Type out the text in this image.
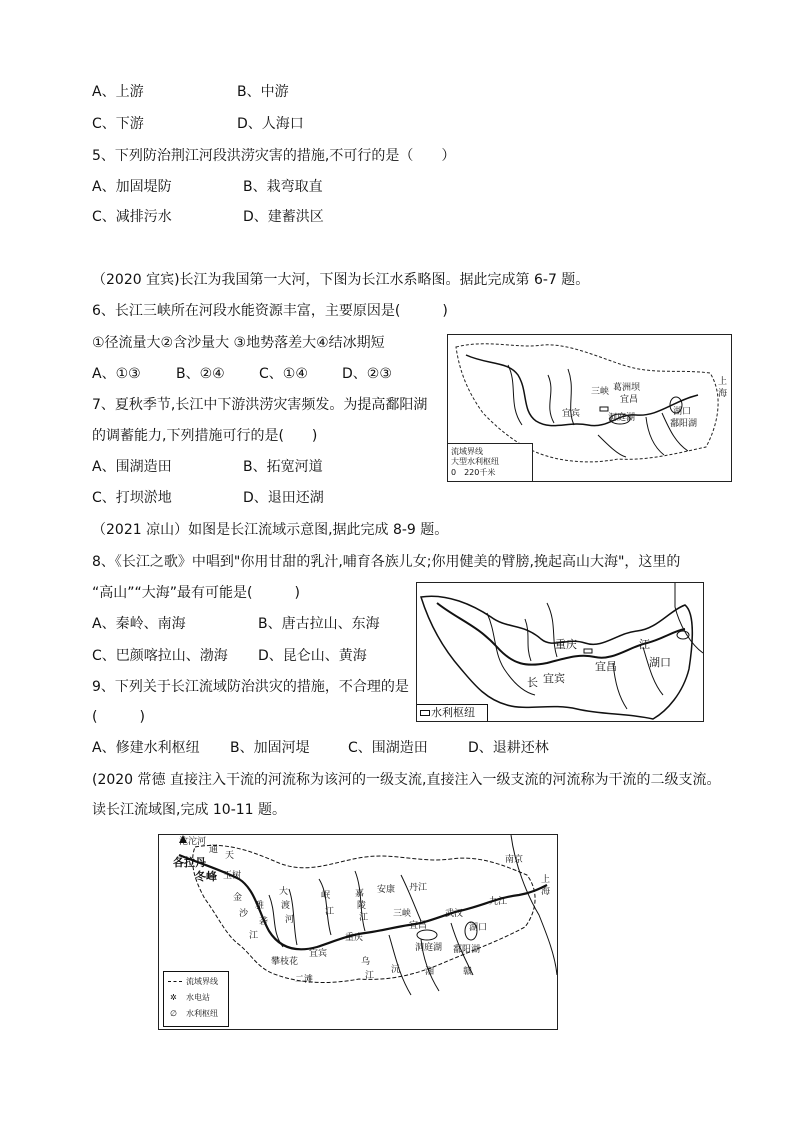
A、上游	B、中游
C、下游	D、人海口
5、下列防治荆江河段洪涝灾害的措施,不可行的是（　　）
A、加固堤防	B、栽弯取直
C、减排污水	D、建蓄洪区
（2020 宜宾)长江为我国第一大河，下图为长江水系略图。据此完成第 6-7 题。
6、长江三峡所在河段水能资源丰富，主要原因是(　　　)
①径流量大②含沙量大 ③地势落差大④结冰期短
A、①③	B、②④ C、①④ D、②③
7、夏秋季节,长江中下游洪涝灾害频发。为提高鄱阳湖
的调蓄能力,下列措施可行的是(　　)
A、围湖造田	B、拓宽河道
C、打坝淤地	D、退田还湖
三峡 葛洲坝
宜昌
宜宾	洞庭湖
湖口
鄱阳湖
上
海
流域界线
大型水利枢纽
0　220千米
（2021 凉山）如图是长江流域示意图,据此完成 8-9 题。
8、《长江之歌》中唱到"你用甘甜的乳汁,哺育各族儿女;你用健美的臂膀,挽起高山大海"，这里的
“高山”“大海”最有可能是(　　　)
A、秦岭、南海	B、唐古拉山、东海
C、巴颜喀拉山、渤海 D、昆仑山、黄海
9、下列关于长江流域防治洪灾的措施，不合理的是
(　　　)
A、修建水利枢纽 B、加固河堤	C、围湖造田	D、退耕还林
重庆
宜昌
宜宾
江
湖口
长
水利枢纽
(2020 常德 直接注入干流的河流称为该河的一级支流,直接注入一级支流的河流称为干流的二级支流。
读长江流域图,完成 10-11 题。
沱沱河
各拉丹
冬峰
通
天
玉树
金
沙
江
雅
砻
大
渡
河
岷
江
嘉
陵
江
安康 丹江
三峡	武汉
南京
重庆
宜宾
攀枝花
二滩
九江
湖口
鄱阳湖
洞庭湖
沅	湘	赣
乌
江
宜昌
上
海
流域界线
✲ 水电站
∅ 水利枢纽
